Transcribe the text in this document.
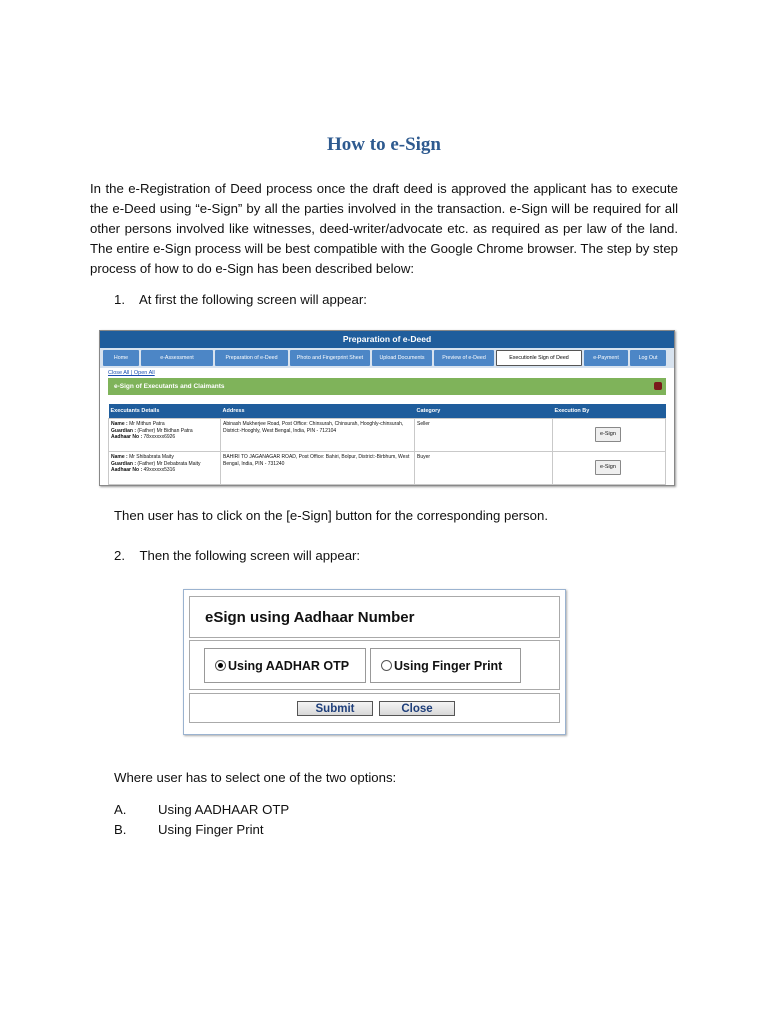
How to e-Sign

In the e-Registration of Deed process once the draft deed is approved the applicant has to execute the e-Deed using “e-Sign” by all the parties involved in the transaction. e-Sign will be required for all other persons involved like witnesses, deed-writer/advocate etc. as required as per law of the land. The entire e-Sign process will be best compatible with the Google Chrome browser. The step by step process of how to do e-Sign has been described below:

1. At first the following screen will appear:
Preparation of e-Deed
Home	e-Assessment	Preparation of e-Deed	Photo and Fingerprint Sheet	Upload Documents	Preview of e-Deed	Executionle Sign of Deed	e-Payment	Log Out
Close All | Open All
e-Sign of Executants and Claimants
Executants Details	Address	Category	Execution By
Name : Mr Mithun Patra
Guardian : (Father) Mr Bidhan Patra
Aadhaar No : 78xxxxxx6926	Abinash Mukherjee Road, Post Office: Chinsurah, Chinsurah, Hooghly-chinsurah, District:-Hooghly, West Bengal, India, PIN - 712104	Seller	e-Sign
Name : Mr Shibabrata Maity
Guardian : (Father) Mr Debabrata Maity
Aadhaar No : 49xxxxxx5316	BAHIRI TO JAGANAGAR ROAD, Post Office: Bahiri, Bolpur, District:-Birbhum, West Bengal, India, PIN - 731240	Buyer	e-Sign
Then user has to click on the [e-Sign] button for the corresponding person.
2. Then the following screen will appear:
eSign using Aadhaar Number
Using AADHAR OTP	Using Finger Print
Submit	Close
Where user has to select one of the two options:
A. Using AADHAAR OTP
B. Using Finger Print
